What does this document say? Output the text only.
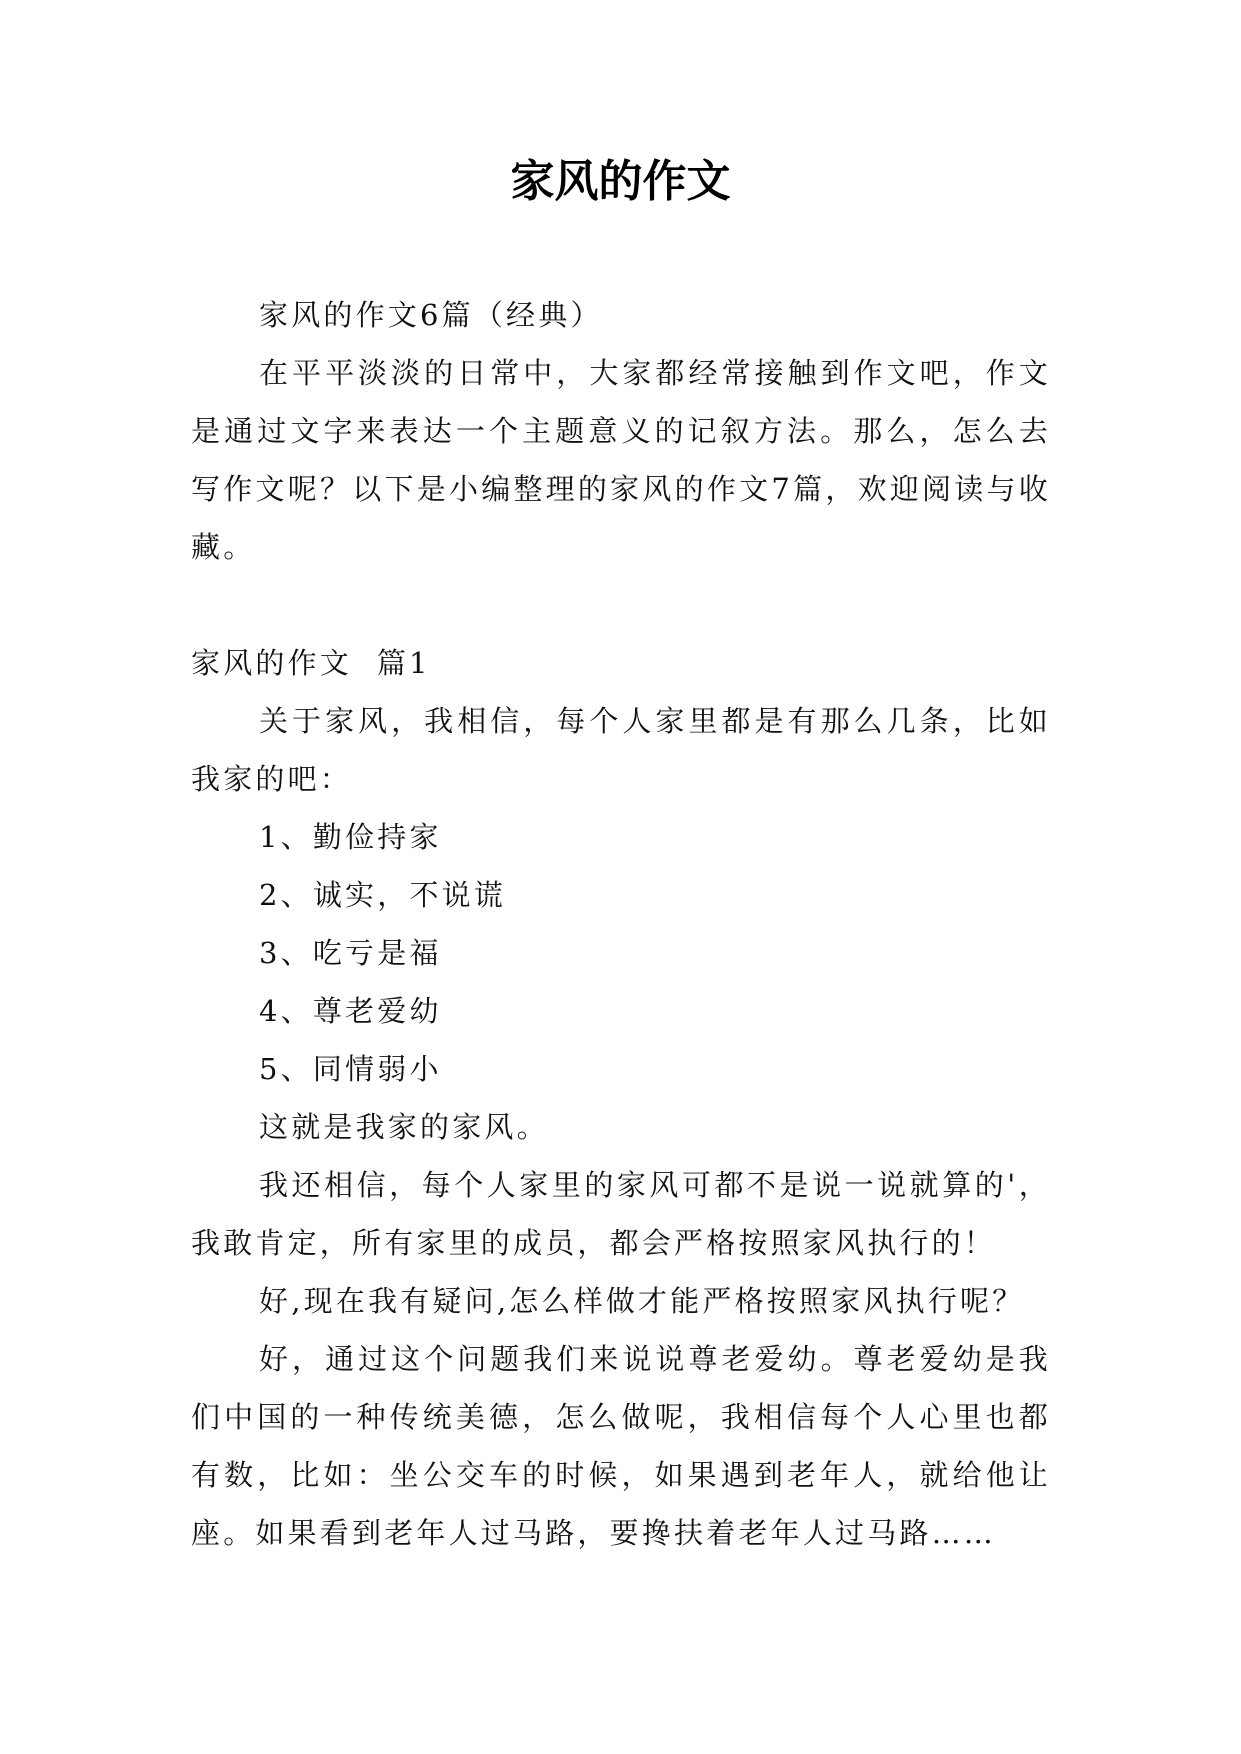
家风的作文

家风的作文6篇（经典）

在平平淡淡的日常中，大家都经常接触到作文吧，作文是通过文字来表达一个主题意义的记叙方法。那么，怎么去写作文呢？以下是小编整理的家风的作文7篇，欢迎阅读与收藏。

家风的作文  篇1

关于家风，我相信，每个人家里都是有那么几条，比如我家的吧：

1、勤俭持家

2、诚实，不说谎

3、吃亏是福

4、尊老爱幼

5、同情弱小

这就是我家的家风。

我还相信，每个人家里的家风可都不是说一说就算的'，我敢肯定，所有家里的成员，都会严格按照家风执行的！

好,现在我有疑问,怎么样做才能严格按照家风执行呢？

好，通过这个问题我们来说说尊老爱幼。尊老爱幼是我们中国的一种传统美德，怎么做呢，我相信每个人心里也都有数，比如：坐公交车的时候，如果遇到老年人，就给他让座。如果看到老年人过马路，要搀扶着老年人过马路……
